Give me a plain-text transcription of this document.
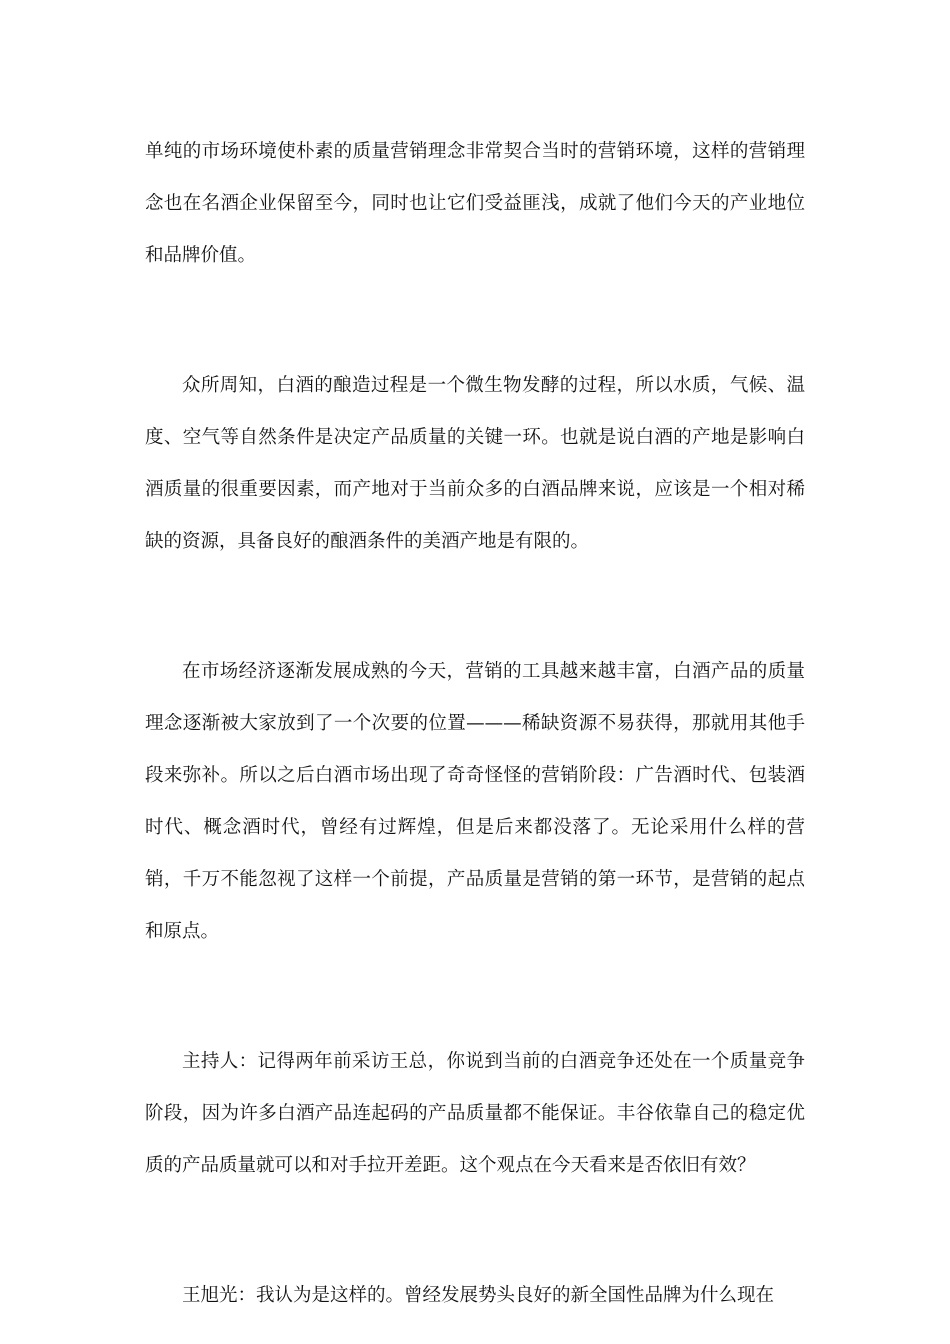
单纯的市场环境使朴素的质量营销理念非常契合当时的营销环境，这样的营销理念也在名酒企业保留至今，同时也让它们受益匪浅，成就了他们今天的产业地位和品牌价值。

众所周知，白酒的酿造过程是一个微生物发酵的过程，所以水质，气候、温度、空气等自然条件是决定产品质量的关键一环。也就是说白酒的产地是影响白酒质量的很重要因素，而产地对于当前众多的白酒品牌来说，应该是一个相对稀缺的资源，具备良好的酿酒条件的美酒产地是有限的。

在市场经济逐渐发展成熟的今天，营销的工具越来越丰富，白酒产品的质量理念逐渐被大家放到了一个次要的位置———稀缺资源不易获得，那就用其他手段来弥补。所以之后白酒市场出现了奇奇怪怪的营销阶段：广告酒时代、包装酒时代、概念酒时代，曾经有过辉煌，但是后来都没落了。无论采用什么样的营销，千万不能忽视了这样一个前提，产品质量是营销的第一环节，是营销的起点和原点。

主持人：记得两年前采访王总，你说到当前的白酒竞争还处在一个质量竞争阶段，因为许多白酒产品连起码的产品质量都不能保证。丰谷依靠自己的稳定优质的产品质量就可以和对手拉开差距。这个观点在今天看来是否依旧有效？

王旭光：我认为是这样的。曾经发展势头良好的新全国性品牌为什么现在
